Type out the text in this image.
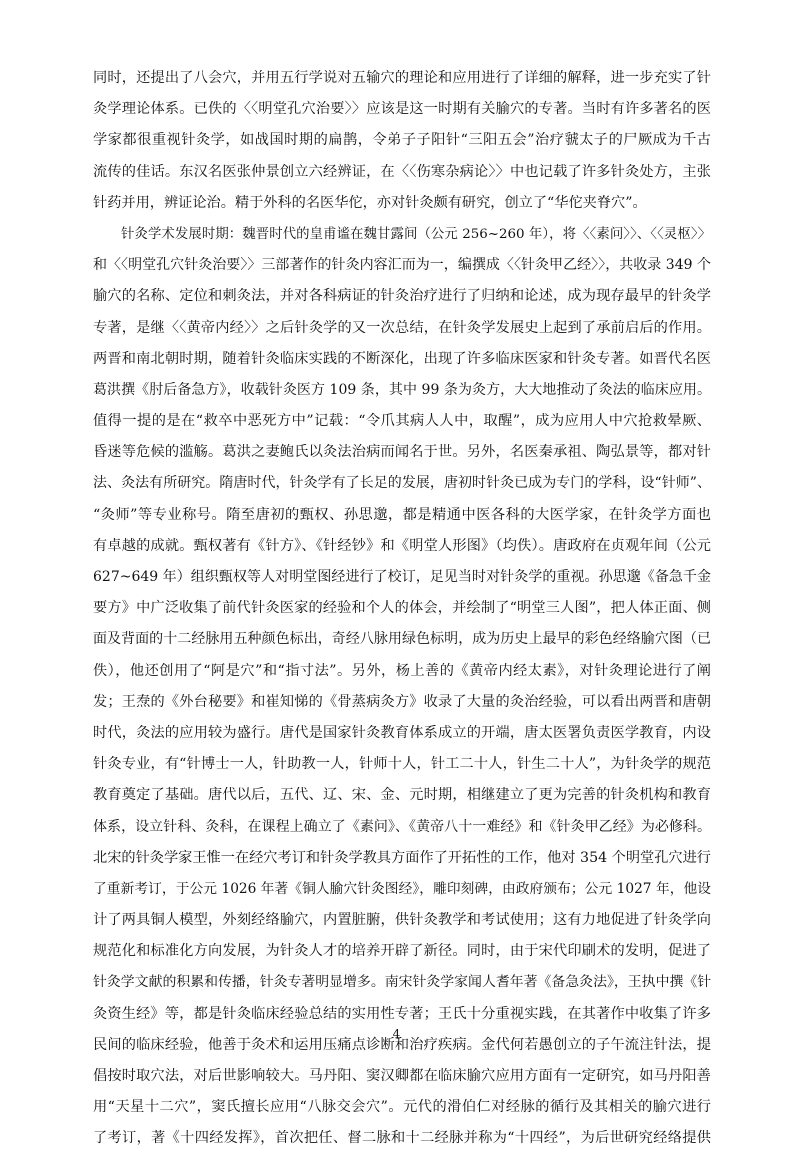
同时，还提出了八会穴，并用五行学说对五输穴的理论和应用进行了详细的解释，进一步充实了针
灸学理论体系。已佚的〈〈明堂孔穴治要〉〉应该是这一时期有关腧穴的专著。当时有许多著名的医
学家都很重视针灸学，如战国时期的扁鹊，令弟子子阳针“三阳五会”治疗虢太子的尸厥成为千古
流传的佳话。东汉名医张仲景创立六经辨证，在〈〈伤寒杂病论〉〉中也记载了许多针灸处方，主张
针药并用，辨证论治。精于外科的名医华佗，亦对针灸颇有研究，创立了“华佗夹脊穴”。
针灸学术发展时期：魏晋时代的皇甫谧在魏甘露间（公元 256~260 年），将〈〈素问〉〉、〈〈灵枢〉〉
和〈〈明堂孔穴针灸治要〉〉三部著作的针灸内容汇而为一，编撰成〈〈针灸甲乙经〉〉，共收录 349 个
腧穴的名称、定位和刺灸法，并对各科病证的针灸治疗进行了归纳和论述，成为现存最早的针灸学
专著，是继〈〈黄帝内经〉〉之后针灸学的又一次总结，在针灸学发展史上起到了承前启后的作用。
两晋和南北朝时期，随着针灸临床实践的不断深化，出现了许多临床医家和针灸专著。如晋代名医
葛洪撰《肘后备急方》，收载针灸医方 109 条，其中 99 条为灸方，大大地推动了灸法的临床应用。
值得一提的是在“救卒中恶死方中”记载：“令爪其病人人中，取醒”，成为应用人中穴抢救晕厥、
昏迷等危候的滥觞。葛洪之妻鲍氏以灸法治病而闻名于世。另外，名医秦承祖、陶弘景等，都对针
法、灸法有所研究。隋唐时代，针灸学有了长足的发展，唐初时针灸已成为专门的学科，设“针师”、
“灸师”等专业称号。隋至唐初的甄权、孙思邈，都是精通中医各科的大医学家，在针灸学方面也
有卓越的成就。甄权著有《针方》、《针经钞》和《明堂人形图》（均佚）。唐政府在贞观年间（公元
627~649 年）组织甄权等人对明堂图经进行了校订，足见当时对针灸学的重视。孙思邈《备急千金
要方》中广泛收集了前代针灸医家的经验和个人的体会，并绘制了“明堂三人图”，把人体正面、侧
面及背面的十二经脉用五种颜色标出，奇经八脉用绿色标明，成为历史上最早的彩色经络腧穴图（已
佚），他还创用了“阿是穴”和“指寸法”。另外，杨上善的《黄帝内经太素》，对针灸理论进行了阐
发；王焘的《外台秘要》和崔知悌的《骨蒸病灸方》收录了大量的灸治经验，可以看出两晋和唐朝
时代，灸法的应用较为盛行。唐代是国家针灸教育体系成立的开端，唐太医署负责医学教育，内设
针灸专业，有“针博士一人，针助教一人，针师十人，针工二十人，针生二十人”，为针灸学的规范
教育奠定了基础。唐代以后，五代、辽、宋、金、元时期，相继建立了更为完善的针灸机构和教育
体系，设立针科、灸科，在课程上确立了《素问》、《黄帝八十一难经》和《针灸甲乙经》为必修科。
北宋的针灸学家王惟一在经穴考订和针灸学教具方面作了开拓性的工作，他对 354 个明堂孔穴进行
了重新考订，于公元 1026 年著《铜人腧穴针灸图经》，雕印刻碑，由政府颁布；公元 1027 年，他设
计了两具铜人模型，外刻经络腧穴，内置脏腑，供针灸教学和考试使用；这有力地促进了针灸学向
规范化和标准化方向发展，为针灸人才的培养开辟了新径。同时，由于宋代印刷术的发明，促进了
针灸学文献的积累和传播，针灸专著明显增多。南宋针灸学家闻人耆年著《备急灸法》，王执中撰《针
灸资生经》等，都是针灸临床经验总结的实用性专著；王氏十分重视实践，在其著作中收集了许多
民间的临床经验，他善于灸术和运用压痛点诊断和治疗疾病。金代何若愚创立的子午流注针法，提
倡按时取穴法，对后世影响较大。马丹阳、窦汉卿都在临床腧穴应用方面有一定研究，如马丹阳善
用“天星十二穴”，窦氏擅长应用“八脉交会穴”。元代的滑伯仁对经脉的循行及其相关的腧穴进行
了考订，著《十四经发挥》，首次把任、督二脉和十二经脉并称为“十四经”，为后世研究经络提供
4
